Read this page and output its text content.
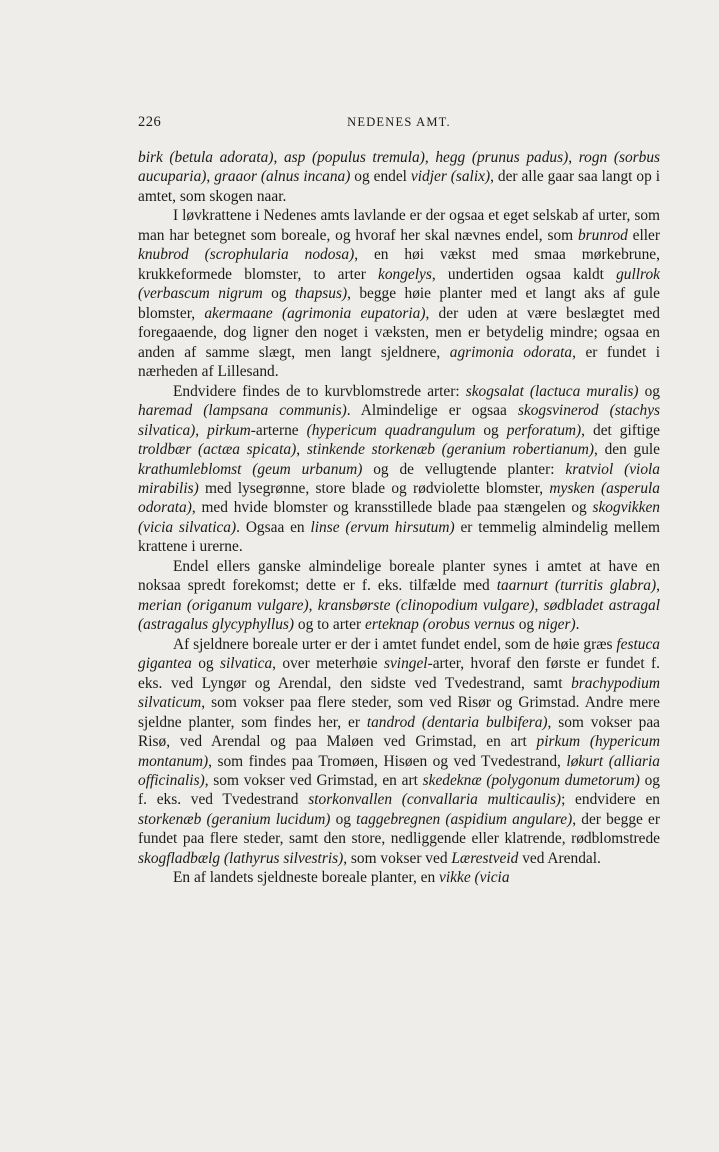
226	NEDENES AMT.

birk (betula adorata), asp (populus tremula), hegg (prunus padus), rogn (sorbus aucuparia), graaor (alnus incana) og endel vidjer (salix), der alle gaar saa langt op i amtet, som skogen naar.

I løvkrattene i Nedenes amts lavlande er der ogsaa et eget selskab af urter, som man har betegnet som boreale, og hvoraf her skal nævnes endel, som brunrod eller knubrod (scrophularia nodosa), en høi vækst med smaa mørkebrune, krukkeformede blomster, to arter kongelys, undertiden ogsaa kaldt gullrok (verbascum nigrum og thapsus), begge høie planter med et langt aks af gule blomster, akermaane (agrimonia eupatoria), der uden at være beslægtet med foregaaende, dog ligner den noget i væksten, men er betydelig mindre; ogsaa en anden af samme slægt, men langt sjeldnere, agrimonia odorata, er fundet i nærheden af Lillesand.

Endvidere findes de to kurvblomstrede arter: skogsalat (lactuca muralis) og haremad (lampsana communis). Almindelige er ogsaa skogsvinerod (stachys silvatica), pirkum-arterne (hypericum quadrangulum og perforatum), det giftige troldbær (actæa spicata), stinkende storkenæb (geranium robertianum), den gule krathumleblomst (geum urbanum) og de vellugtende planter: kratviol (viola mirabilis) med lysegrønne, store blade og rødviolette blomster, mysken (asperula odorata), med hvide blomster og kransstillede blade paa stængelen og skogvikken (vicia silvatica). Ogsaa en linse (ervum hirsutum) er temmelig almindelig mellem krattene i urerne.

Endel ellers ganske almindelige boreale planter synes i amtet at have en noksaa spredt forekomst; dette er f. eks. tilfælde med taarnurt (turritis glabra), merian (origanum vulgare), kransbørste (clinopodium vulgare), sødbladet astragal (astragalus glycyphyllus) og to arter erteknap (orobus vernus og niger).

Af sjeldnere boreale urter er der i amtet fundet endel, som de høie græs festuca gigantea og silvatica, over meterhøie svingel-arter, hvoraf den første er fundet f. eks. ved Lyngør og Arendal, den sidste ved Tvedestrand, samt brachypodium silvaticum, som vokser paa flere steder, som ved Risør og Grimstad. Andre mere sjeldne planter, som findes her, er tandrod (dentaria bulbifera), som vokser paa Risø, ved Arendal og paa Maløen ved Grimstad, en art pirkum (hypericum montanum), som findes paa Tromøen, Hisøen og ved Tvedestrand, løkurt (alliaria officinalis), som vokser ved Grimstad, en art skedeknæ (polygonum dumetorum) og f. eks. ved Tvedestrand storkonvallen (convallaria multicaulis); endvidere en storkenæb (geranium lucidum) og taggebregnen (aspidium angulare), der begge er fundet paa flere steder, samt den store, nedliggende eller klatrende, rødblomstrede skogfladbælg (lathyrus silvestris), som vokser ved Lærestveid ved Arendal.

En af landets sjeldneste boreale planter, en vikke (vicia
